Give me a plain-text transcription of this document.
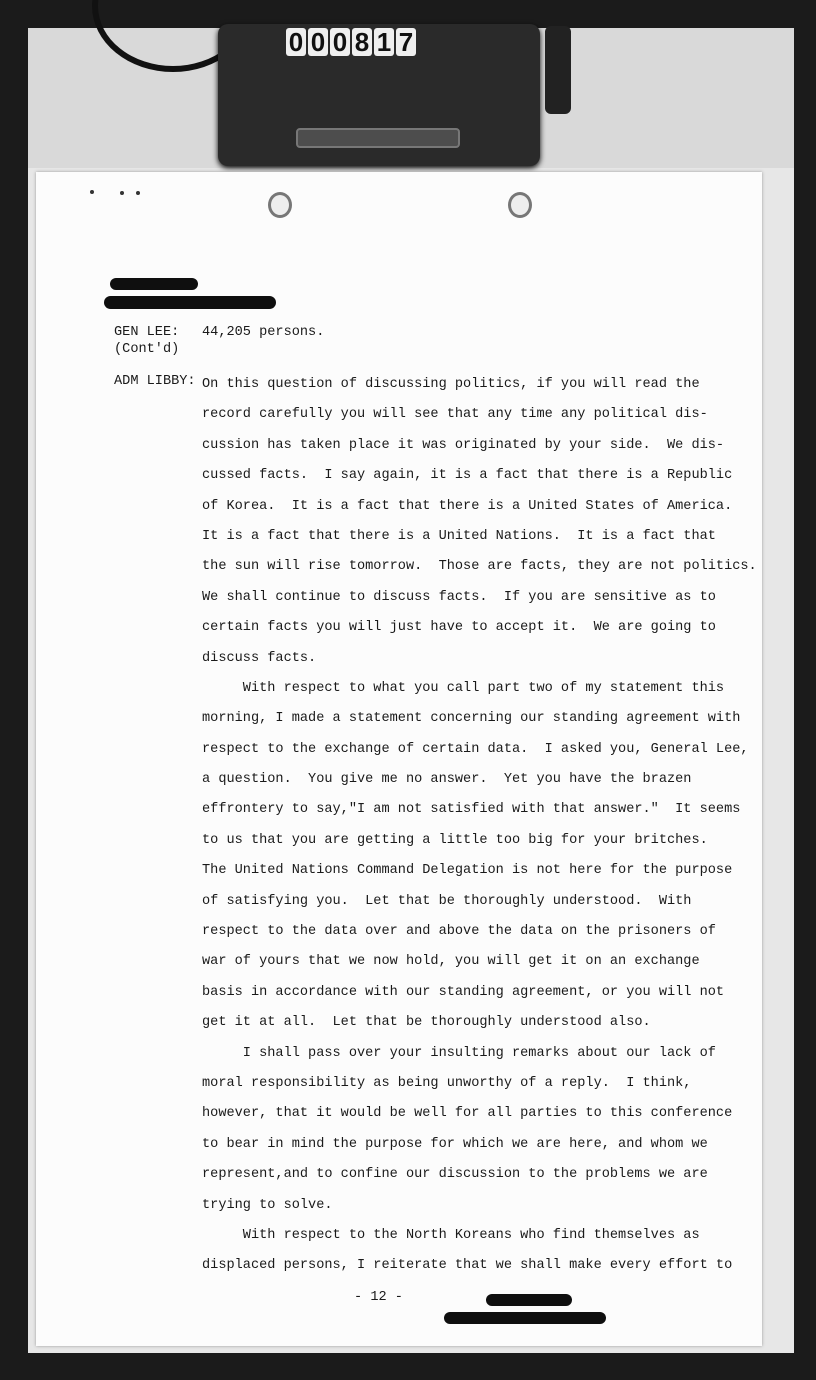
0 0 0 8 1 7
GEN LEE:
(Cont'd)
44,205 persons.
ADM LIBBY: On this question of discussing politics, if you will read the
record carefully you will see that any time any political dis-
cussion has taken place it was originated by your side.  We dis-
cussed facts.  I say again, it is a fact that there is a Republic
of Korea.  It is a fact that there is a United States of America.
It is a fact that there is a United Nations.  It is a fact that
the sun will rise tomorrow.  Those are facts, they are not politics.
We shall continue to discuss facts.  If you are sensitive as to
certain facts you will just have to accept it.  We are going to
discuss facts.
With respect to what you call part two of my statement this
morning, I made a statement concerning our standing agreement with
respect to the exchange of certain data.  I asked you, General Lee,
a question.  You give me no answer.  Yet you have the brazen
effrontery to say,"I am not satisfied with that answer."  It seems
to us that you are getting a little too big for your britches.
The United Nations Command Delegation is not here for the purpose
of satisfying you.  Let that be thoroughly understood.  With
respect to the data over and above the data on the prisoners of
war of yours that we now hold, you will get it on an exchange
basis in accordance with our standing agreement, or you will not
get it at all.  Let that be thoroughly understood also.
I shall pass over your insulting remarks about our lack of
moral responsibility as being unworthy of a reply.  I think,
however, that it would be well for all parties to this conference
to bear in mind the purpose for which we are here, and whom we
represent,and to confine our discussion to the problems we are
trying to solve.
With respect to the North Koreans who find themselves as
displaced persons, I reiterate that we shall make every effort to
- 12 -
